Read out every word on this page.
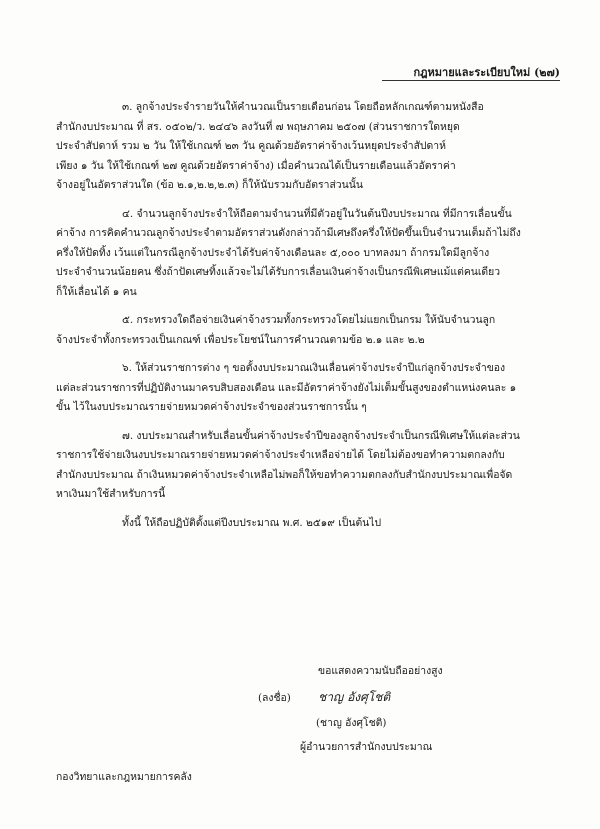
กฎหมายและระเบียบใหม่ (๒๗)

๓. ลูกจ้างประจำรายวันให้คำนวณเป็นรายเดือนก่อน โดยถือหลักเกณฑ์ตามหนังสือ
สำนักงบประมาณ ที่ สร. ๐๕๐๒/ว. ๒๔๔๖ ลงวันที่ ๗ พฤษภาคม ๒๕๐๗ (ส่วนราชการใดหยุด
ประจำสัปดาห์ รวม ๒ วัน ให้ใช้เกณฑ์ ๒๓ วัน คูณด้วยอัตราค่าจ้างเว้นหยุดประจำสัปดาห์
เพียง ๑ วัน ให้ใช้เกณฑ์ ๒๗ คูณด้วยอัตราค่าจ้าง) เมื่อคำนวณได้เป็นรายเดือนแล้วอัตราค่า
จ้างอยู่ในอัตราส่วนใด (ข้อ ๒.๑,๒.๒,๒.๓) ก็ให้นับรวมกับอัตราส่วนนั้น

๔. จำนวนลูกจ้างประจำให้ถือตามจำนวนที่มีตัวอยู่ในวันต้นปีงบประมาณ ที่มีการเลื่อนขั้น
ค่าจ้าง การคิดคำนวณลูกจ้างประจำตามอัตราส่วนดังกล่าวถ้ามีเศษถึงครึ่งให้ปัดขึ้นเป็นจำนวนเต็มถ้าไม่ถึง
ครึ่งให้ปัดทิ้ง เว้นแต่ในกรณีลูกจ้างประจำได้รับค่าจ้างเดือนละ ๕,๐๐๐ บาทลงมา ถ้ากรมใดมีลูกจ้าง
ประจำจำนวนน้อยคน ซึ่งถ้าปัดเศษทิ้งแล้วจะไม่ได้รับการเลื่อนเงินค่าจ้างเป็นกรณีพิเศษแม้แต่คนเดียว
ก็ให้เลื่อนได้ ๑ คน

๕. กระทรวงใดถือจ่ายเงินค่าจ้างรวมทั้งกระทรวงโดยไม่แยกเป็นกรม ให้นับจำนวนลูก
จ้างประจำทั้งกระทรวงเป็นเกณฑ์ เพื่อประโยชน์ในการคำนวณตามข้อ ๒.๑ และ ๒.๒

๖. ให้ส่วนราชการต่าง ๆ ขอตั้งงบประมาณเงินเลื่อนค่าจ้างประจำปีแก่ลูกจ้างประจำของ
แต่ละส่วนราชการที่ปฏิบัติงานมาครบสิบสองเดือน และมีอัตราค่าจ้างยังไม่เต็มขั้นสูงของตำแหน่งคนละ ๑
ขั้น ไว้ในงบประมาณรายจ่ายหมวดค่าจ้างประจำของส่วนราชการนั้น ๆ

๗. งบประมาณสำหรับเลื่อนขั้นค่าจ้างประจำปีของลูกจ้างประจำเป็นกรณีพิเศษให้แต่ละส่วน
ราชการใช้จ่ายเงินงบประมาณรายจ่ายหมวดค่าจ้างประจำเหลือจ่ายได้ โดยไม่ต้องขอทำความตกลงกับ
สำนักงบประมาณ ถ้าเงินหมวดค่าจ้างประจำเหลือไม่พอก็ให้ขอทำความตกลงกับสำนักงบประมาณเพื่อจัด
หาเงินมาใช้สำหรับการนี้

ทั้งนี้ ให้ถือปฏิบัติตั้งแต่ปีงบประมาณ พ.ศ. ๒๕๑๙ เป็นต้นไป

ขอแสดงความนับถืออย่างสูง
(ลงชื่อ) ชาญ อังศุโชติ
(ชาญ อังศุโชติ)
ผู้อำนวยการสำนักงบประมาณ
กองวิทยาและกฎหมายการคลัง
